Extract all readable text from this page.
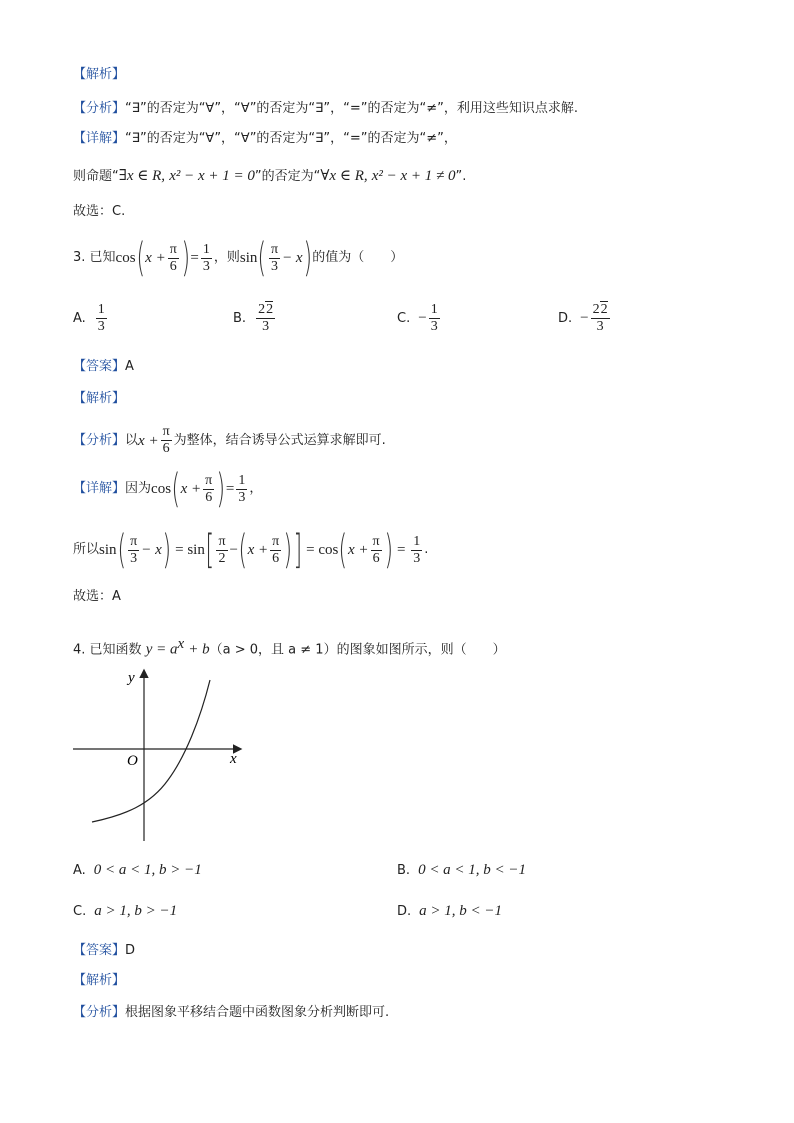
【解析】
【分析】“∃”的否定为“∀”，“∀”的否定为“∃”，“=”的否定为“≠”，利用这些知识点求解.
【详解】“∃”的否定为“∀”，“∀”的否定为“∃”，“=”的否定为“≠”，
则命题“∃x ∈ R, x² − x + 1 = 0”的否定为“∀x ∈ R, x² − x + 1 ≠ 0”.
故选：C.
3. 已知 cos ( $x + \frac{\pi}{6}$ ) = $\frac{1}{3}$ ，则 sin ( $\frac{\pi}{3} - x$ ) 的值为（　　）
A. $\frac{1}{3}$	B. $\frac{22}{3}$	C. − $\frac{1}{3}$	D. − $\frac{22}{3}$
【答案】A
【解析】
【分析】 以 $x + \frac{\pi}{6}$ 为整体，结合诱导公式运算求解即可.
【详解】 因为 cos ( $x + \frac{\pi}{6}$ ) = $\frac{1}{3}$ ，
所以 sin ( $\frac{\pi}{3} - x$ ) = sin [ $\frac{\pi}{2}$ − ( $x + \frac{\pi}{6}$ ) ] = cos ( $x + \frac{\pi}{6}$ ) = $\frac{1}{3}$ .
故选：A
4. 已知函数 $y = a^x + b(a > 0$，且 a ≠ 1）的图象如图所示，则（　　）
y
x
O
A. 0 < a < 1, b > −1	B. 0 < a < 1, b < −1
C. a > 1, b > −1	D. a > 1, b < −1
【答案】D
【解析】
【分析】根据图象平移结合题中函数图象分析判断即可.
